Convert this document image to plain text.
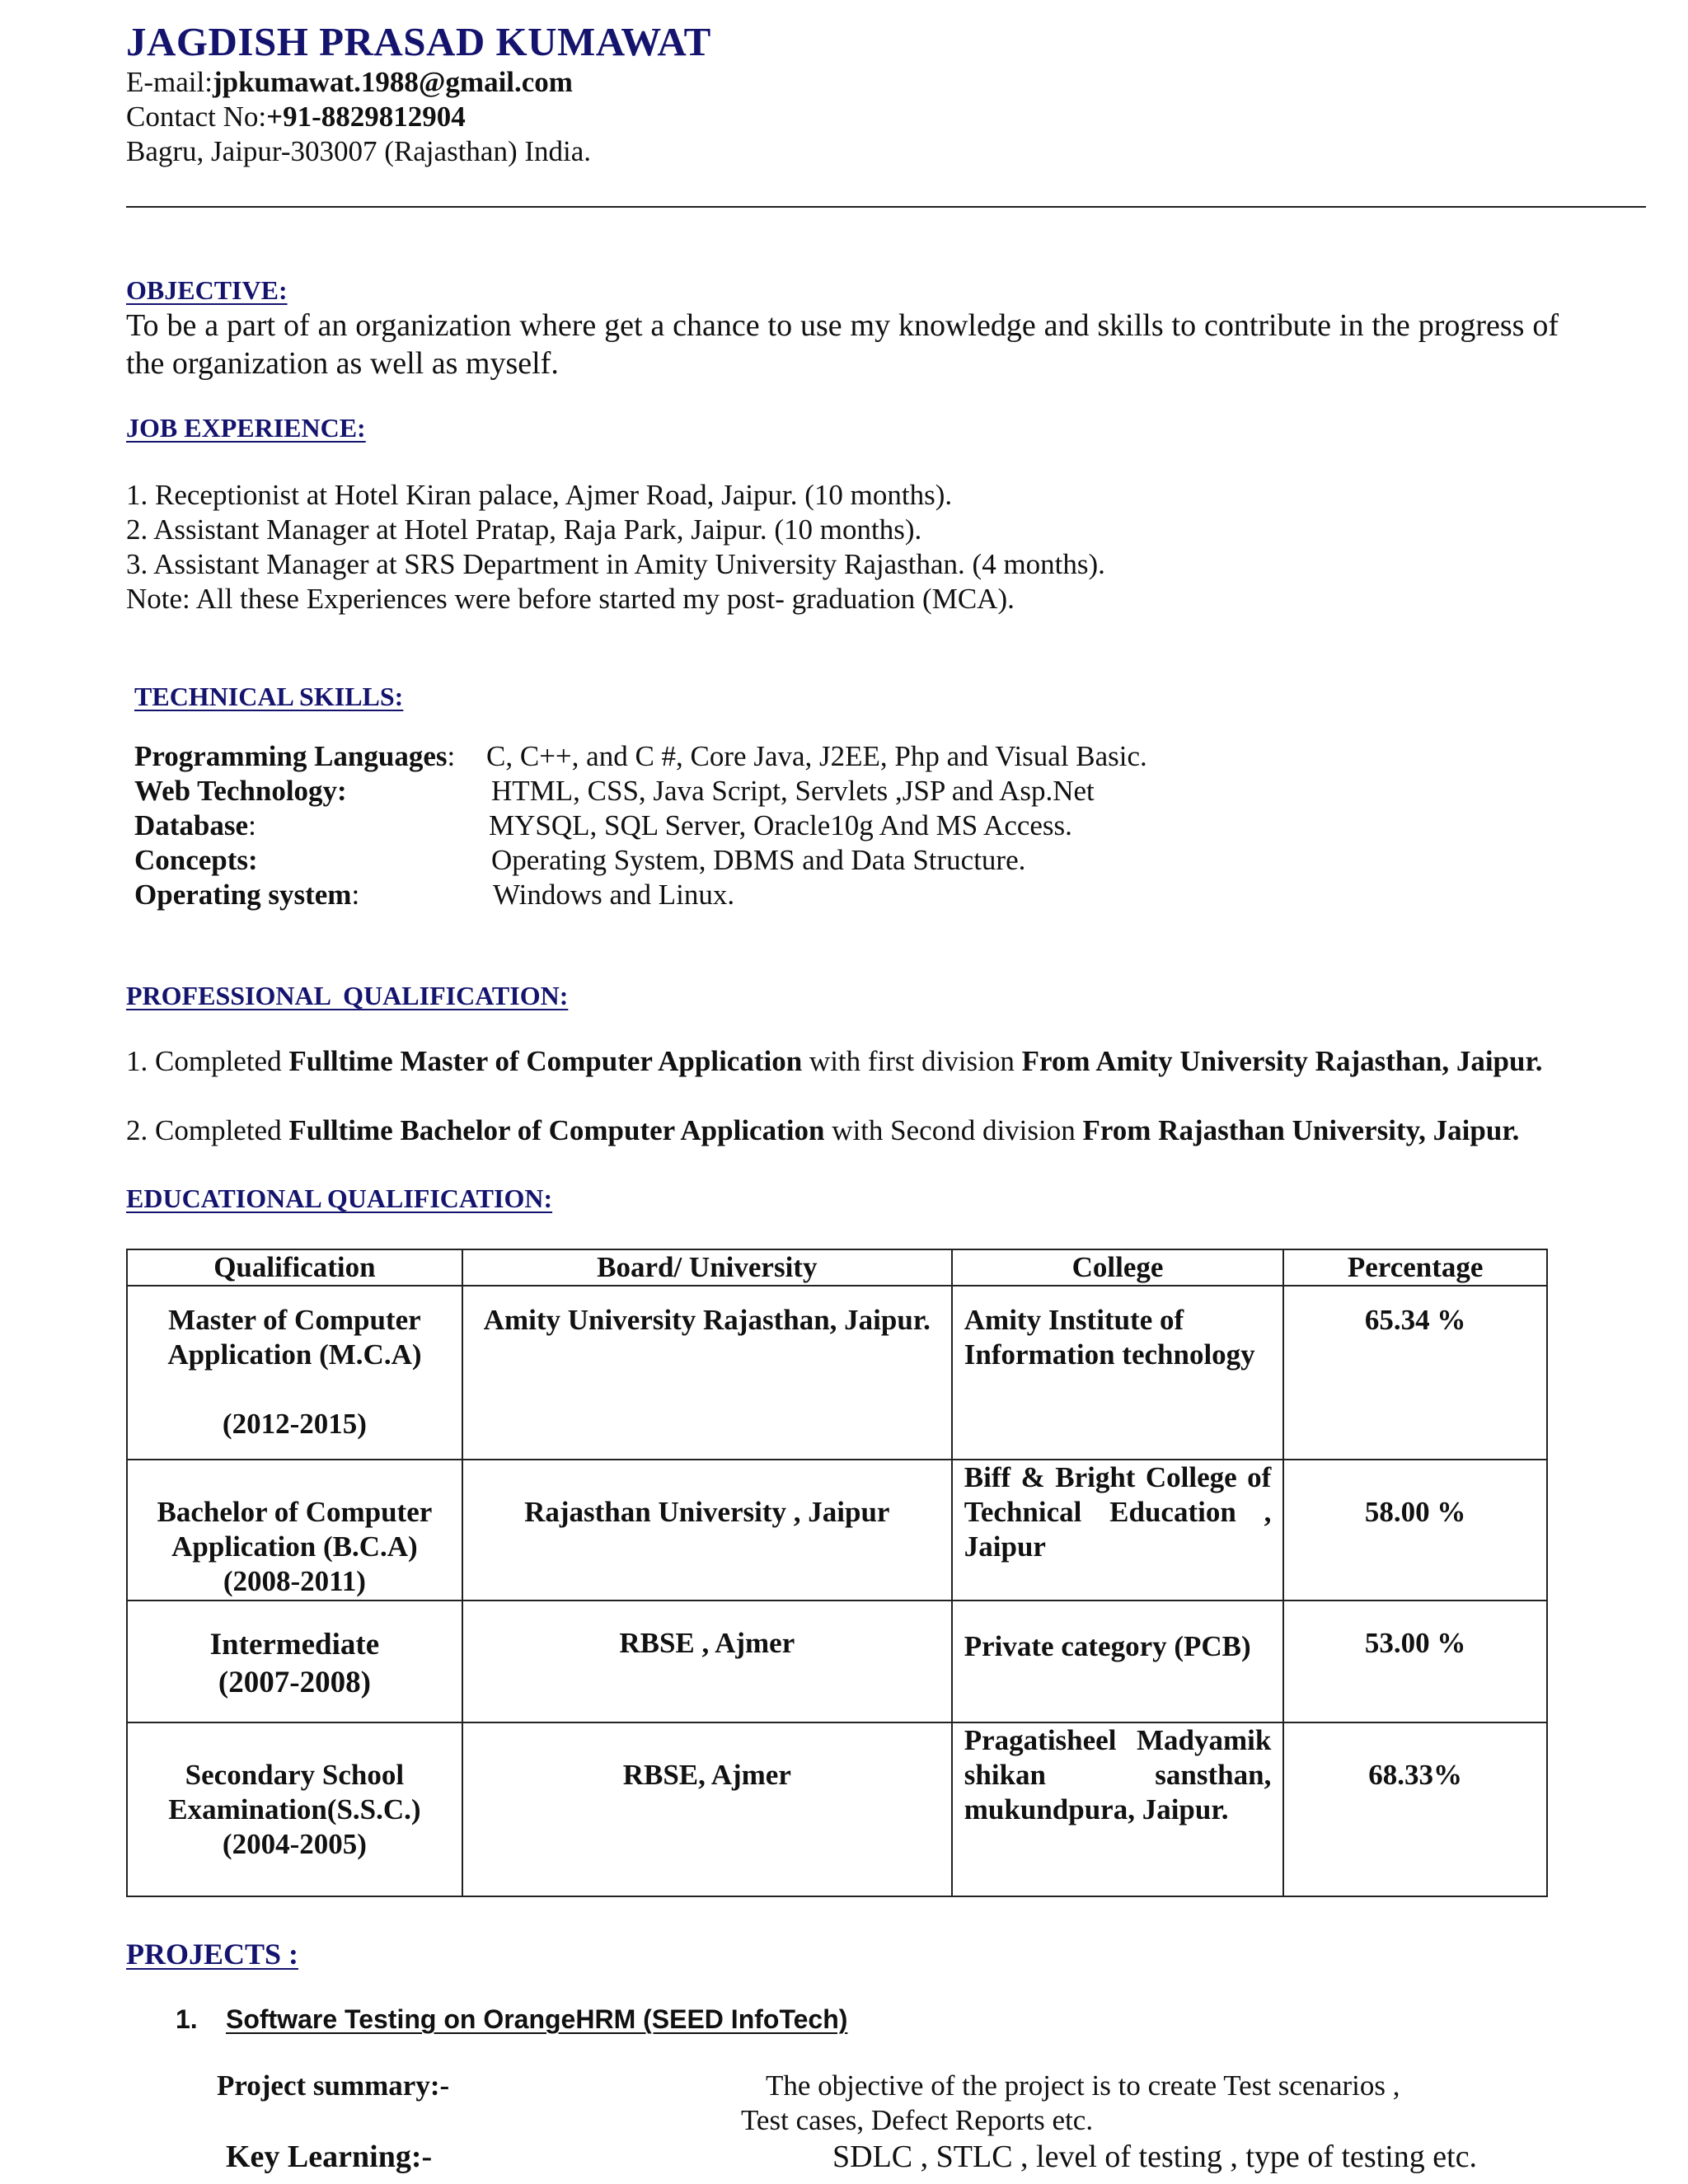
JAGDISH PRASAD KUMAWAT
E-mail:jpkumawat.1988@gmail.com
Contact No:+91-8829812904
Bagru, Jaipur-303007 (Rajasthan) India.
OBJECTIVE:
To be a part of an organization where get a chance to use my knowledge and skills to contribute in the progress of the organization as well as myself.
JOB EXPERIENCE:
1. Receptionist at Hotel Kiran palace, Ajmer Road, Jaipur. (10 months).
2. Assistant Manager at Hotel Pratap, Raja Park, Jaipur. (10 months).
3. Assistant Manager at SRS Department in Amity University Rajasthan. (4 months).
Note: All these Experiences were before started my post- graduation (MCA).
TECHNICAL SKILLS:
Programming Languages: C, C++, and C #, Core Java, J2EE, Php and Visual Basic.
Web Technology:	HTML, CSS, Java Script, Servlets ,JSP and Asp.Net
Database:	MYSQL, SQL Server, Oracle10g And MS Access.
Concepts:	Operating System, DBMS and Data Structure.
Operating system:	Windows and Linux.
PROFESSIONAL  QUALIFICATION:
1. Completed Fulltime Master of Computer Application with first division From Amity University Rajasthan, Jaipur.
2. Completed Fulltime Bachelor of Computer Application with Second division From Rajasthan University, Jaipur.
EDUCATIONAL QUALIFICATION:
Qualification	Board/ University	College	Percentage

Master of Computer Application (M.C.A)
(2012-2015)	Amity University Rajasthan, Jaipur.	Amity Institute of Information technology	65.34 %

Bachelor of Computer Application (B.C.A)
(2008-2011)	Rajasthan University , Jaipur	Biff & Bright College of Technical Education , Jaipur	58.00 %

Intermediate
(2007-2008)	RBSE , Ajmer	Private category (PCB)	53.00 %

Secondary School Examination(S.S.C.)
(2004-2005)	RBSE, Ajmer	Pragatisheel Madyamik shikan sansthan, mukundpura, Jaipur.	68.33%
PROJECTS :
1. Software Testing on OrangeHRM (SEED InfoTech)
Project summary:-	The objective of the project is to create Test scenarios ,
Test cases, Defect Reports etc.
Key Learning:-	SDLC , STLC , level of testing , type of testing etc.
